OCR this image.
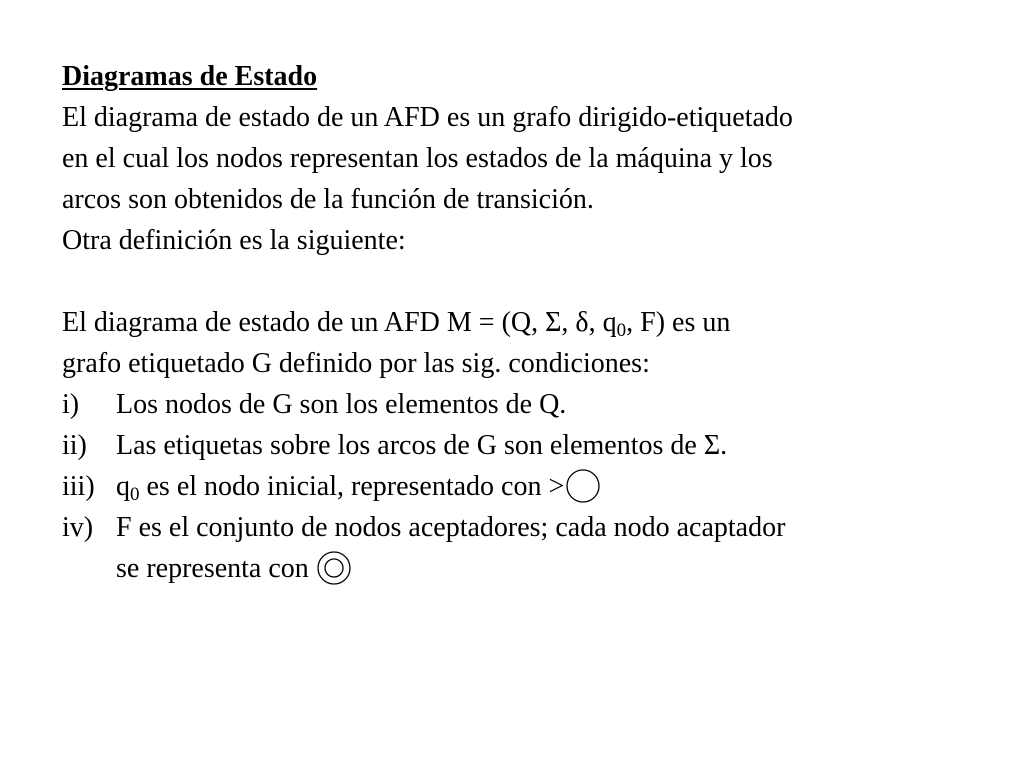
Diagramas de Estado
El diagrama de estado de un AFD es un grafo dirigido-etiquetado
en el cual los nodos representan los estados de la máquina y los
arcos son obtenidos de la función de transición.
Otra definición es la siguiente:
El diagrama de estado de un AFD M = (Q, Σ, δ, $q_0$, F) es un
grafo etiquetado G definido por las sig. condiciones:
i) Los nodos de G son los elementos de Q.
ii) Las etiquetas sobre los arcos de G son elementos de Σ.
iii) $q_0$ es el nodo inicial, representado con >
iv) F es el conjunto de nodos aceptadores; cada nodo acaptador
se representa con
